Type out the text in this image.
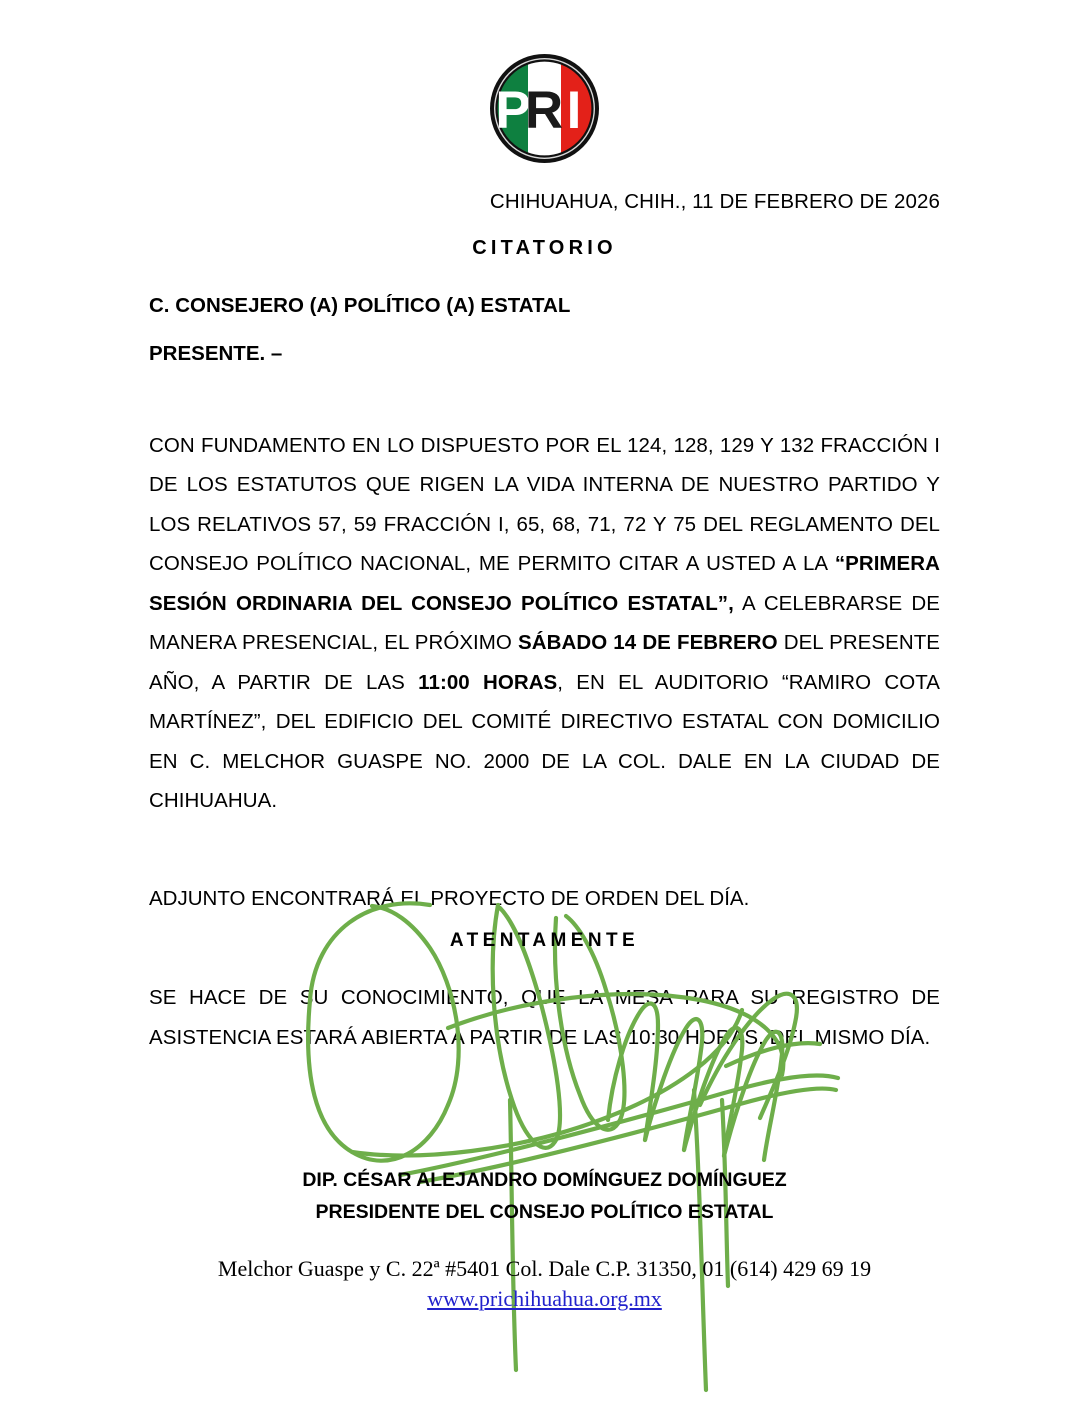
P
R I

CHIHUAHUA, CHIH., 11 DE FEBRERO DE 2026

CITATORIO

C. CONSEJERO (A) POLÍTICO (A) ESTATAL

PRESENTE. –

CON FUNDAMENTO EN LO DISPUESTO POR EL 124, 128, 129 Y 132 FRACCIÓN I DE LOS ESTATUTOS QUE RIGEN LA VIDA INTERNA DE NUESTRO PARTIDO Y LOS RELATIVOS 57, 59 FRACCIÓN I, 65, 68, 71, 72 Y 75 DEL REGLAMENTO DEL CONSEJO POLÍTICO NACIONAL, ME PERMITO CITAR A USTED A LA “PRIMERA SESIÓN ORDINARIA DEL CONSEJO POLÍTICO ESTATAL”, A CELEBRARSE DE MANERA PRESENCIAL, EL PRÓXIMO SÁBADO 14 DE FEBRERO DEL PRESENTE AÑO, A PARTIR DE LAS 11:00 HORAS, EN EL AUDITORIO “RAMIRO COTA MARTÍNEZ”, DEL EDIFICIO DEL COMITÉ DIRECTIVO ESTATAL CON DOMICILIO EN C. MELCHOR GUASPE NO. 2000 DE LA COL. DALE EN LA CIUDAD DE CHIHUAHUA.

ADJUNTO ENCONTRARÁ EL PROYECTO DE ORDEN DEL DÍA.

SE HACE DE SU CONOCIMIENTO, QUE LA MESA PARA SU REGISTRO DE ASISTENCIA ESTARÁ ABIERTA A PARTIR DE LAS 10:30 HORAS, DEL MISMO DÍA.

ATENTAMENTE
DIP. CÉSAR ALEJANDRO DOMÍNGUEZ DOMÍNGUEZ
PRESIDENTE DEL CONSEJO POLÍTICO ESTATAL
Melchor Guaspe y C. 22ª #5401 Col. Dale C.P. 31350, 01 (614) 429 69 19
www.prichihuahua.org.mx
